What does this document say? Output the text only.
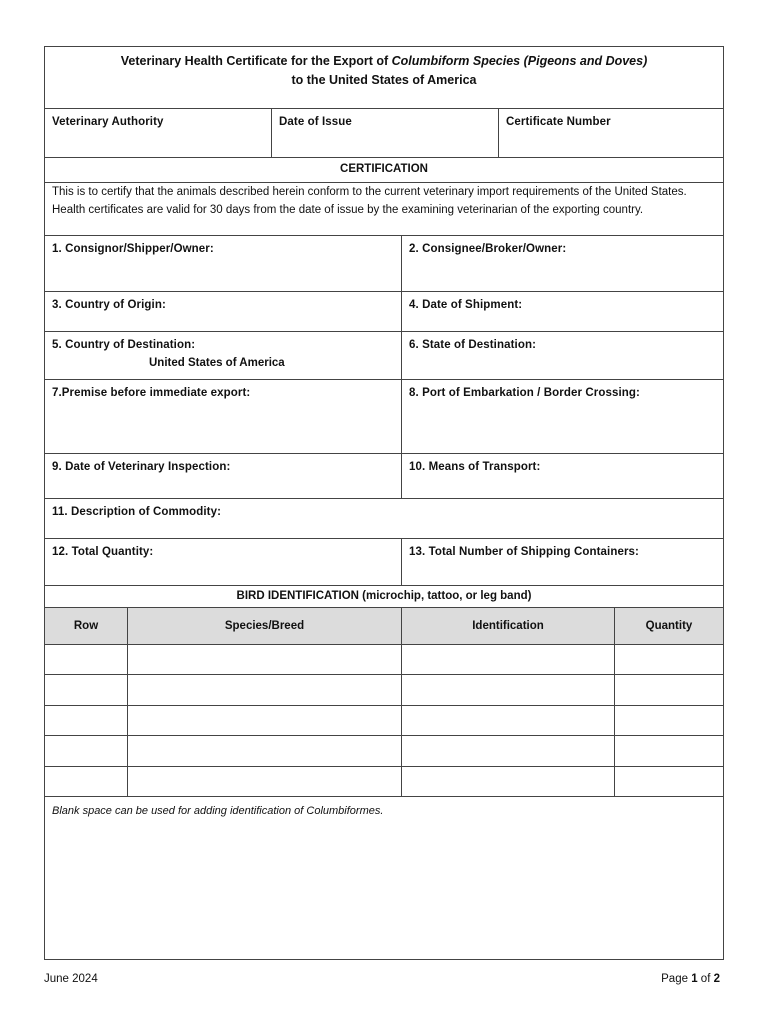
Veterinary Health Certificate for the Export of Columbiform Species (Pigeons and Doves)
to the United States of America
Veterinary Authority	Date of Issue	Certificate Number
CERTIFICATION
This is to certify that the animals described herein conform to the current veterinary import requirements of the United States. Health certificates are valid for 30 days from the date of issue by the examining veterinarian of the exporting country.
1. Consignor/Shipper/Owner:	2. Consignee/Broker/Owner:
3. Country of Origin:	4. Date of Shipment:
5. Country of Destination:
United States of America
6. State of Destination:
7.Premise before immediate export:	8. Port of Embarkation / Border Crossing:
9. Date of Veterinary Inspection:	10. Means of Transport:
11. Description of Commodity:
12. Total Quantity:	13. Total Number of Shipping Containers:
BIRD IDENTIFICATION (microchip, tattoo, or leg band)
Row	Species/Breed	Identification	Quantity
Blank space can be used for adding identification of Columbiformes.
June 2024	Page 1 of 2
